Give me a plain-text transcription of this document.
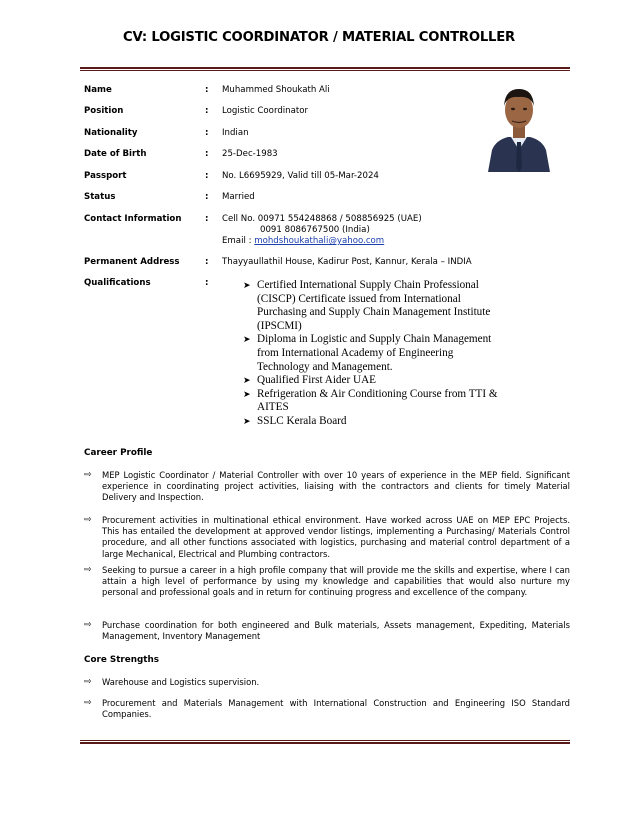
CV: LOGISTIC COORDINATOR / MATERIAL CONTROLLER
Name	: Muhammed Shoukath Ali
Position	: Logistic Coordinator
Nationality	: Indian
Date of Birth	: 25-Dec-1983
Passport	: No. L6695929, Valid till 05-Mar-2024
Status	: Married
Contact Information	: Cell No. 00971 554248868 / 508856925 (UAE)
0091 8086767500 (India)
Email : mohdshoukathali@yahoo.com
Permanent Address	: Thayyaullathil House, Kadirur Post, Kannur, Kerala – INDIA
Qualifications	:	➤ Certified International Supply Chain Professional (CISCP) Certificate issued from International Purchasing and Supply Chain Management Institute (IPSCMI)
➤ Diploma in Logistic and Supply Chain Management from International Academy of Engineering Technology and Management.
➤ Qualified First Aider UAE
➤ Refrigeration & Air Conditioning Course from TTI & AITES
➤ SSLC Kerala Board
Career Profile
⇨ MEP Logistic Coordinator / Material Controller with over 10 years of experience in the MEP field. Significant experience in coordinating project activities, liaising with the contractors and clients for timely Material Delivery and Inspection.
⇨ Procurement activities in multinational ethical environment. Have worked across UAE on MEP EPC Projects. This has entailed the development at approved vendor listings, implementing a Purchasing/ Materials Control procedure, and all other functions associated with logistics, purchasing and material control department of a large Mechanical, Electrical and Plumbing contractors.
⇨ Seeking to pursue a career in a high profile company that will provide me the skills and expertise, where I can attain a high level of performance by using my knowledge and capabilities that would also nurture my personal and professional goals and in return for continuing progress and excellence of the company.
⇨ Purchase coordination for both engineered and Bulk materials, Assets management, Expediting, Materials Management, Inventory Management
Core Strengths
⇨ Warehouse and Logistics supervision.
⇨ Procurement and Materials Management with International Construction and Engineering ISO Standard Companies.
